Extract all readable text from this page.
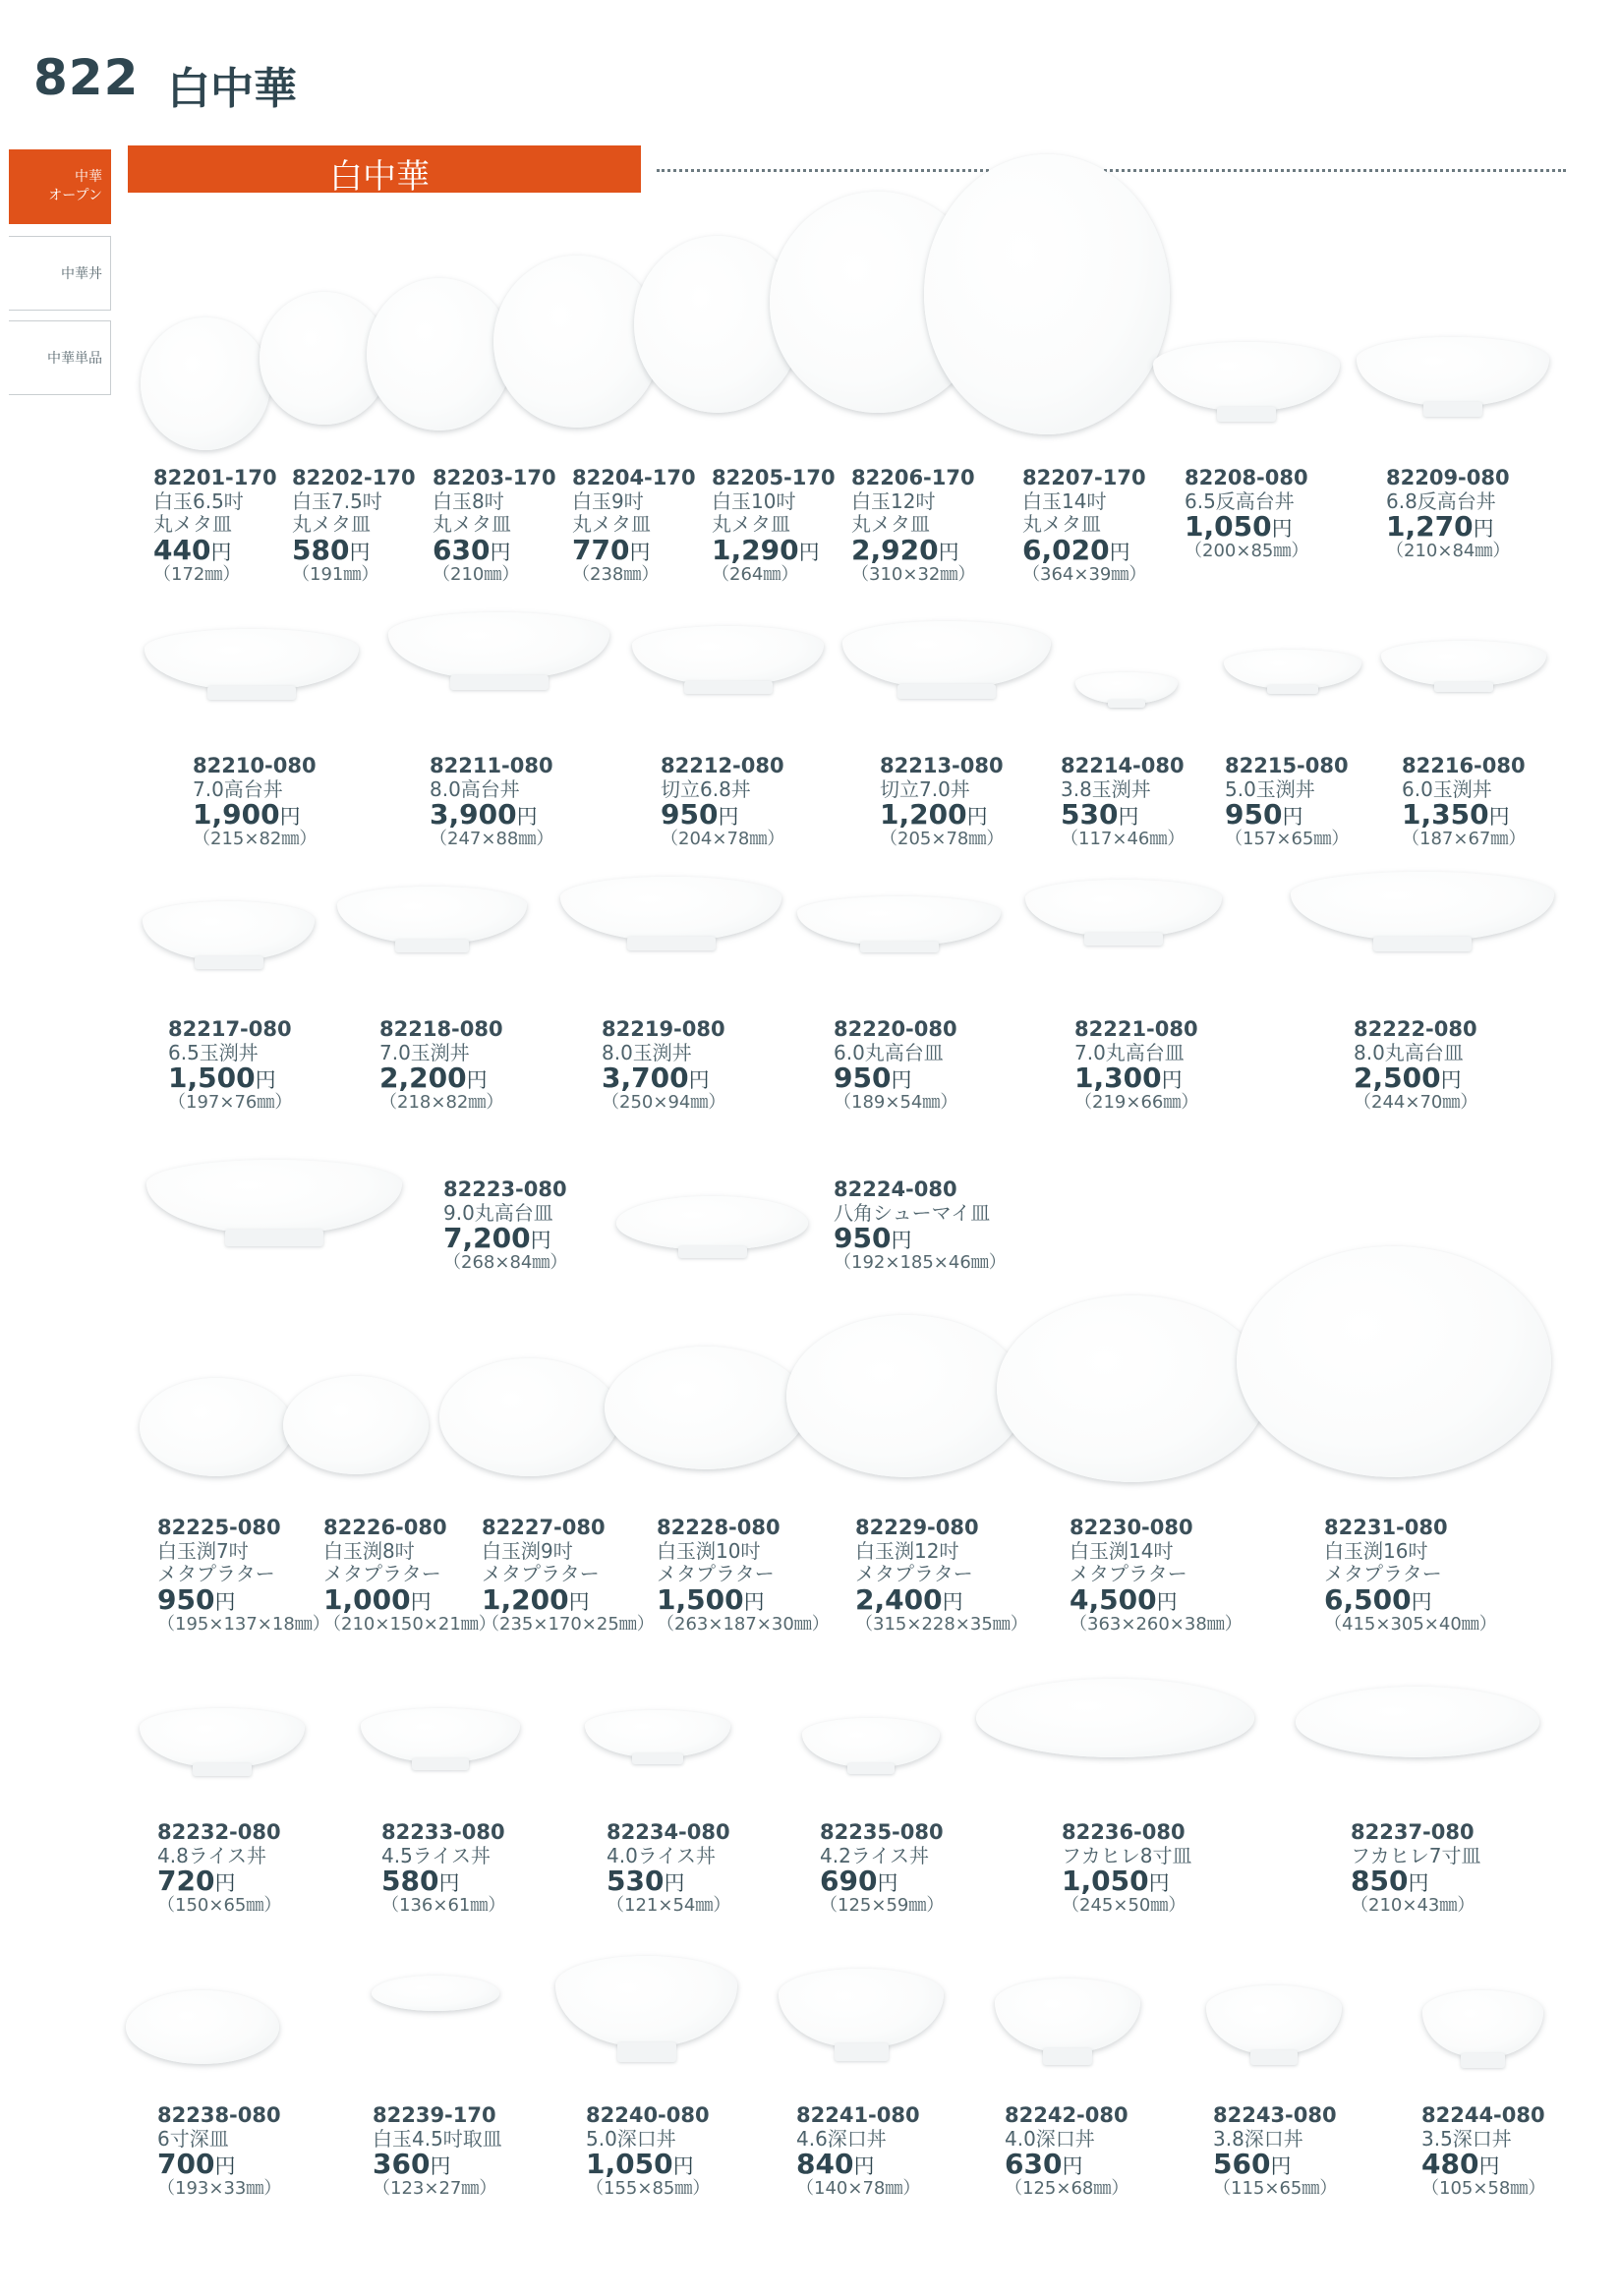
822 白中華
中華
オープン
中華丼
中華単品
白中華
82201-170
白玉6.5吋
丸メタ皿
440円
（172㎜）
82202-170
白玉7.5吋
丸メタ皿
580円
（191㎜）
82203-170
白玉8吋
丸メタ皿
630円
（210㎜）
82204-170
白玉9吋
丸メタ皿
770円
（238㎜）
82205-170
白玉10吋
丸メタ皿
1,290円
（264㎜）
82206-170
白玉12吋
丸メタ皿
2,920円
（310×32㎜）
82207-170
白玉14吋
丸メタ皿
6,020円
（364×39㎜）
82208-080
6.5反高台丼
1,050円
（200×85㎜）
82209-080
6.8反高台丼
1,270円
（210×84㎜）
82210-080
7.0高台丼
1,900円
（215×82㎜）
82211-080
8.0高台丼
3,900円
（247×88㎜）
82212-080
切立6.8丼
950円
（204×78㎜）
82213-080
切立7.0丼
1,200円
（205×78㎜）
82214-080
3.8玉渕丼
530円
（117×46㎜）
82215-080
5.0玉渕丼
950円
（157×65㎜）
82216-080
6.0玉渕丼
1,350円
（187×67㎜）
82217-080
6.5玉渕丼
1,500円
（197×76㎜）
82218-080
7.0玉渕丼
2,200円
（218×82㎜）
82219-080
8.0玉渕丼
3,700円
（250×94㎜）
82220-080
6.0丸高台皿
950円
（189×54㎜）
82221-080
7.0丸高台皿
1,300円
（219×66㎜）
82222-080
8.0丸高台皿
2,500円
（244×70㎜）
82223-080
9.0丸高台皿
7,200円
（268×84㎜）
82224-080
八角シューマイ皿
950円
（192×185×46㎜）
82225-080
白玉渕7吋
メタプラター
950円
（195×137×18㎜）
82226-080
白玉渕8吋
メタプラター
1,000円
（210×150×21㎜）
82227-080
白玉渕9吋
メタプラター
1,200円
（235×170×25㎜）
82228-080
白玉渕10吋
メタプラター
1,500円
（263×187×30㎜）
82229-080
白玉渕12吋
メタプラター
2,400円
（315×228×35㎜）
82230-080
白玉渕14吋
メタプラター
4,500円
（363×260×38㎜）
82231-080
白玉渕16吋
メタプラター
6,500円
（415×305×40㎜）
82232-080
4.8ライス丼
720円
（150×65㎜）
82233-080
4.5ライス丼
580円
（136×61㎜）
82234-080
4.0ライス丼
530円
（121×54㎜）
82235-080
4.2ライス丼
690円
（125×59㎜）
82236-080
フカヒレ8寸皿
1,050円
（245×50㎜）
82237-080
フカヒレ7寸皿
850円
（210×43㎜）
82238-080
6寸深皿
700円
（193×33㎜）
82239-170
白玉4.5吋取皿
360円
（123×27㎜）
82240-080
5.0深口丼
1,050円
（155×85㎜）
82241-080
4.6深口丼
840円
（140×78㎜）
82242-080
4.0深口丼
630円
（125×68㎜）
82243-080
3.8深口丼
560円
（115×65㎜）
82244-080
3.5深口丼
480円
（105×58㎜）
